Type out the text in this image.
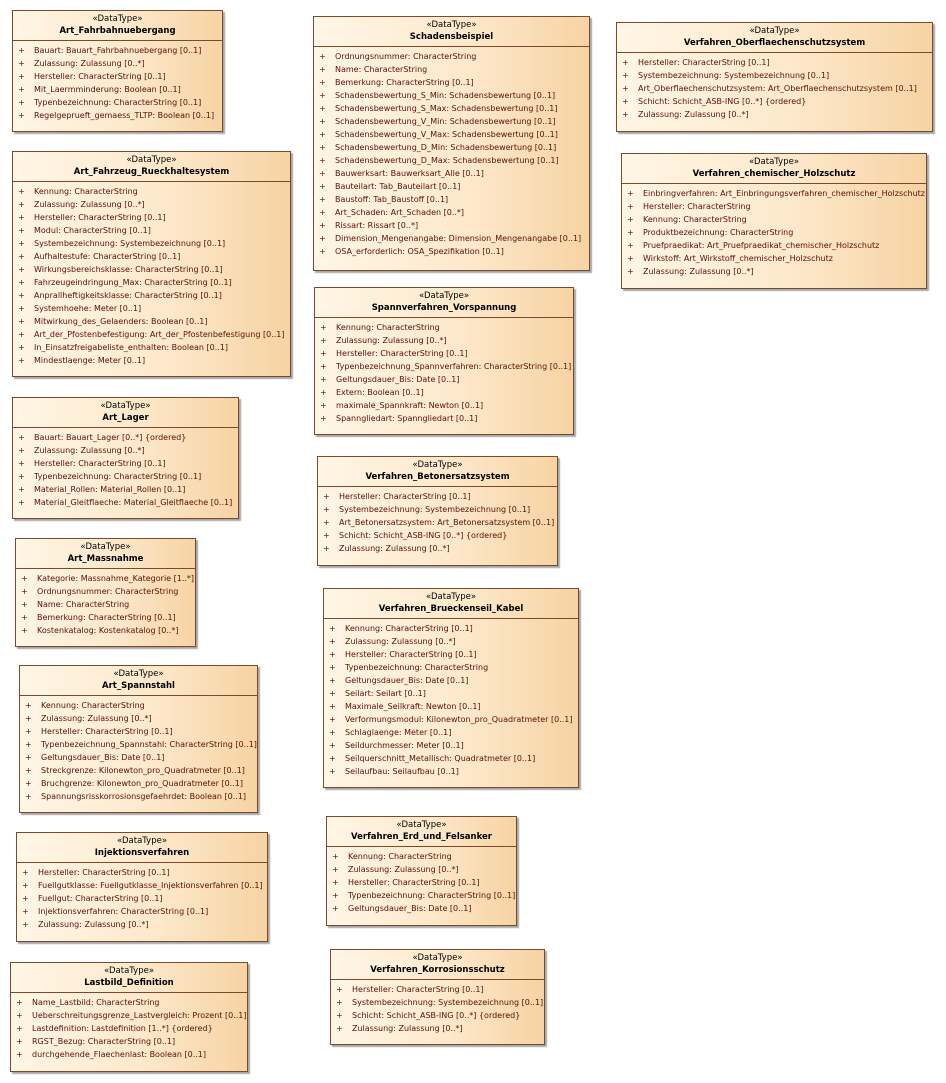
«DataType»
Art_Fahrbahnuebergang
+ Bauart: Bauart_Fahrbahnuebergang [0..1]
+ Zulassung: Zulassung [0..*]
+ Hersteller: CharacterString [0..1]
+ Mit_Laermminderung: Boolean [0..1]
+ Typenbezeichnung: CharacterString [0..1]
+ Regelgeprueft_gemaess_TLTP: Boolean [0..1]
«DataType»
Art_Fahrzeug_Rueckhaltesystem
+ Kennung: CharacterString
+ Zulassung: Zulassung [0..*]
+ Hersteller: CharacterString [0..1]
+ Modul: CharacterString [0..1]
+ Systembezeichnung: Systembezeichnung [0..1]
+ Aufhaltestufe: CharacterString [0..1]
+ Wirkungsbereichsklasse: CharacterString [0..1]
+ Fahrzeugeindringung_Max: CharacterString [0..1]
+ Anprallheftigkeitsklasse: CharacterString [0..1]
+ Systemhoehe: Meter [0..1]
+ Mitwirkung_des_Gelaenders: Boolean [0..1]
+ Art_der_Pfostenbefestigung: Art_der_Pfostenbefestigung [0..1]
+ In_Einsatzfreigabeliste_enthalten: Boolean [0..1]
+ Mindestlaenge: Meter [0..1]
«DataType»
Art_Lager
+ Bauart: Bauart_Lager [0..*] {ordered}
+ Zulassung: Zulassung [0..*]
+ Hersteller: CharacterString [0..1]
+ Typenbezeichnung: CharacterString [0..1]
+ Material_Rollen: Material_Rollen [0..1]
+ Material_Gleitflaeche: Material_Gleitflaeche [0..1]
«DataType»
Art_Massnahme
+ Kategorie: Massnahme_Kategorie [1..*]
+ Ordnungsnummer: CharacterString
+ Name: CharacterString
+ Bemerkung: CharacterString [0..1]
+ Kostenkatalog: Kostenkatalog [0..*]
«DataType»
Art_Spannstahl
+ Kennung: CharacterString
+ Zulassung: Zulassung [0..*]
+ Hersteller: CharacterString [0..1]
+ Typenbezeichnung_Spannstahl: CharacterString [0..1]
+ Geltungsdauer_Bis: Date [0..1]
+ Streckgrenze: Kilonewton_pro_Quadratmeter [0..1]
+ Bruchgrenze: Kilonewton_pro_Quadratmeter [0..1]
+ Spannungsrisskorrosionsgefaehrdet: Boolean [0..1]
«DataType»
Injektionsverfahren
+ Hersteller: CharacterString [0..1]
+ Fuellgutklasse: Fuellgutklasse_Injektionsverfahren [0..1]
+ Fuellgut: CharacterString [0..1]
+ Injektionsverfahren: CharacterString [0..1]
+ Zulassung: Zulassung [0..*]
«DataType»
Lastbild_Definition
+ Name_Lastbild: CharacterString
+ Ueberschreitungsgrenze_Lastvergleich: Prozent [0..1]
+ Lastdefinition: Lastdefinition [1..*] {ordered}
+ RGST_Bezug: CharacterString [0..1]
+ durchgehende_Flaechenlast: Boolean [0..1]
«DataType»
Schadensbeispiel
+ Ordnungsnummer: CharacterString
+ Name: CharacterString
+ Bemerkung: CharacterString [0..1]
+ Schadensbewertung_S_Min: Schadensbewertung [0..1]
+ Schadensbewertung_S_Max: Schadensbewertung [0..1]
+ Schadensbewertung_V_Min: Schadensbewertung [0..1]
+ Schadensbewertung_V_Max: Schadensbewertung [0..1]
+ Schadensbewertung_D_Min: Schadensbewertung [0..1]
+ Schadensbewertung_D_Max: Schadensbewertung [0..1]
+ Bauwerksart: Bauwerksart_Alle [0..1]
+ Bauteilart: Tab_Bauteilart [0..1]
+ Baustoff: Tab_Baustoff [0..1]
+ Art_Schaden: Art_Schaden [0..*]
+ Rissart: Rissart [0..*]
+ Dimension_Mengenangabe: Dimension_Mengenangabe [0..1]
+ OSA_erforderlich: OSA_Spezifikation [0..1]
«DataType»
Spannverfahren_Vorspannung
+ Kennung: CharacterString
+ Zulassung: Zulassung [0..*]
+ Hersteller: CharacterString [0..1]
+ Typenbezeichnung_Spannverfahren: CharacterString [0..1]
+ Geltungsdauer_Bis: Date [0..1]
+ Extern: Boolean [0..1]
+ maximale_Spannkraft: Newton [0..1]
+ Spanngliedart: Spanngliedart [0..1]
«DataType»
Verfahren_Betonersatzsystem
+ Hersteller: CharacterString [0..1]
+ Systembezeichnung: Systembezeichnung [0..1]
+ Art_Betonersatzsystem: Art_Betonersatzsystem [0..1]
+ Schicht: Schicht_ASB-ING [0..*] {ordered}
+ Zulassung: Zulassung [0..*]
«DataType»
Verfahren_Brueckenseil_Kabel
+ Kennung: CharacterString [0..1]
+ Zulassung: Zulassung [0..*]
+ Hersteller: CharacterString [0..1]
+ Typenbezeichnung: CharacterString
+ Geltungsdauer_Bis: Date [0..1]
+ Seilart: Seilart [0..1]
+ Maximale_Seilkraft: Newton [0..1]
+ Verformungsmodul: Kilonewton_pro_Quadratmeter [0..1]
+ Schlaglaenge: Meter [0..1]
+ Seildurchmesser: Meter [0..1]
+ Seilquerschnitt_Metallisch: Quadratmeter [0..1]
+ Seilaufbau: Seilaufbau [0..1]
«DataType»
Verfahren_Erd_und_Felsanker
+ Kennung: CharacterString
+ Zulassung: Zulassung [0..*]
+ Hersteller: CharacterString [0..1]
+ Typenbezeichnung: CharacterString [0..1]
+ Geltungsdauer_Bis: Date [0..1]
«DataType»
Verfahren_Korrosionsschutz
+ Hersteller: CharacterString [0..1]
+ Systembezeichnung: Systembezeichnung [0..1]
+ Schicht: Schicht_ASB-ING [0..*] {ordered}
+ Zulassung: Zulassung [0..*]
«DataType»
Verfahren_Oberflaechenschutzsystem
+ Hersteller: CharacterString [0..1]
+ Systembezeichnung: Systembezeichnung [0..1]
+ Art_Oberflaechenschutzsystem: Art_Oberflaechenschutzsystem [0..1]
+ Schicht: Schicht_ASB-ING [0..*] {ordered}
+ Zulassung: Zulassung [0..*]
«DataType»
Verfahren_chemischer_Holzschutz
+ Einbringverfahren: Art_Einbringungsverfahren_chemischer_Holzschutz
+ Hersteller: CharacterString
+ Kennung: CharacterString
+ Produktbezeichnung: CharacterString
+ Pruefpraedikat: Art_Pruefpraedikat_chemischer_Holzschutz
+ Wirkstoff: Art_Wirkstoff_chemischer_Holzschutz
+ Zulassung: Zulassung [0..*]
